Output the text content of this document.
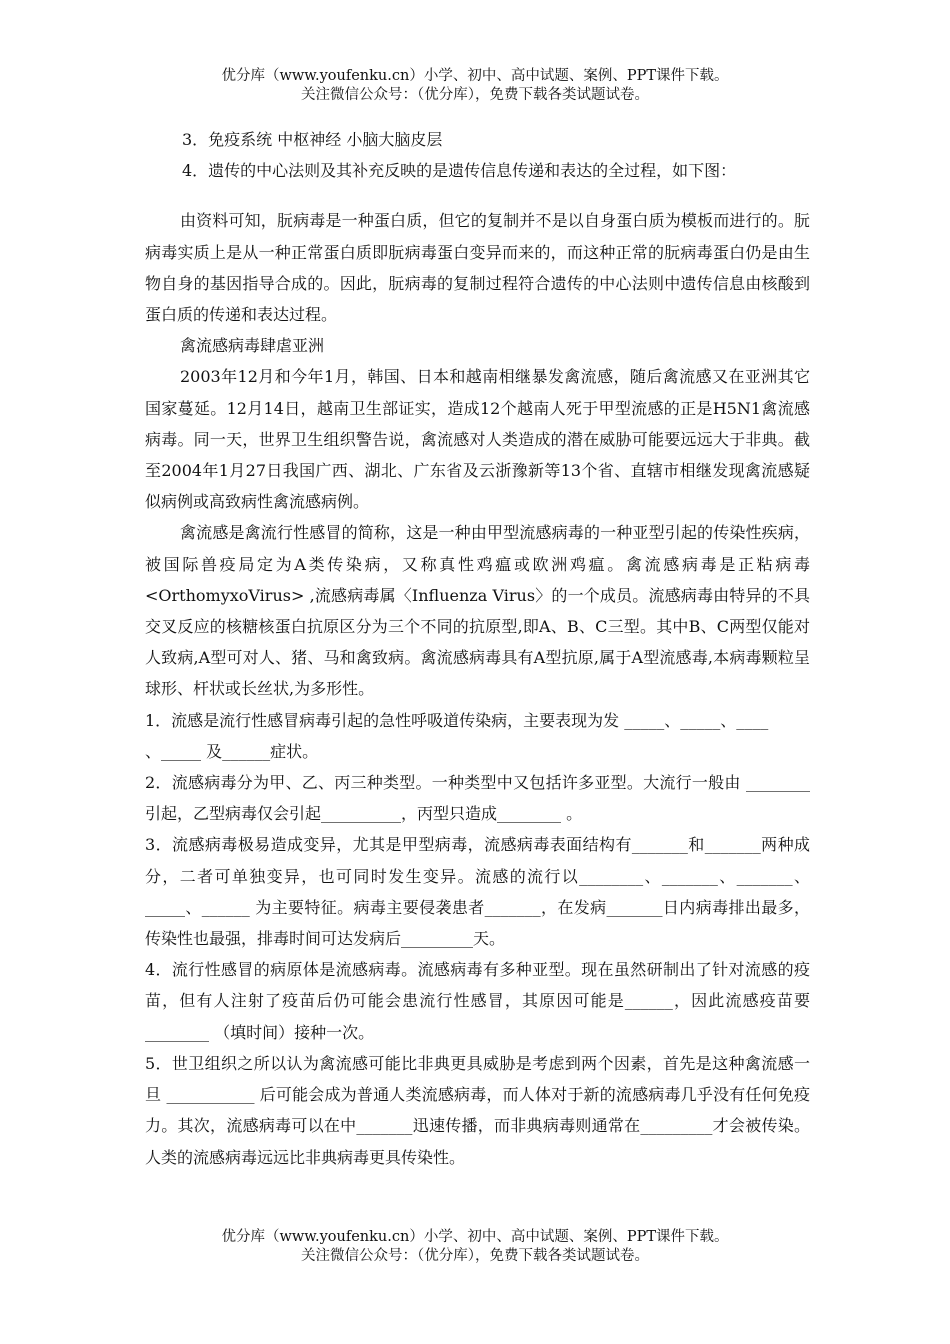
优分库（www.youfenku.cn）小学、初中、高中试题、案例、PPT课件下载。
关注微信公众号：（优分库），免费下载各类试题试卷。

3．免疫系统 中枢神经 小脑大脑皮层

4．遗传的中心法则及其补充反映的是遗传信息传递和表达的全过程，如下图：

由资料可知，朊病毒是一种蛋白质，但它的复制并不是以自身蛋白质为模板而进行的。朊病毒实质上是从一种正常蛋白质即朊病毒蛋白变异而来的，而这种正常的朊病毒蛋白仍是由生物自身的基因指导合成的。因此，朊病毒的复制过程符合遗传的中心法则中遗传信息由核酸到蛋白质的传递和表达过程。

禽流感病毒肆虐亚洲

2003年12月和今年1月，韩国、日本和越南相继暴发禽流感，随后禽流感又在亚洲其它国家蔓延。12月14日，越南卫生部证实，造成12个越南人死于甲型流感的正是H5N1禽流感病毒。同一天，世界卫生组织警告说，禽流感对人类造成的潜在威胁可能要远远大于非典。截至2004年1月27日我国广西、湖北、广东省及云浙豫新等13个省、直辖市相继发现禽流感疑似病例或高致病性禽流感病例。

禽流感是禽流行性感冒的简称，这是一种由甲型流感病毒的一种亚型引起的传染性疾病，被国际兽疫局定为A类传染病，又称真性鸡瘟或欧洲鸡瘟。禽流感病毒是正粘病毒<OrthomyxoVirus> ,流感病毒属〈Influenza Virus〉的一个成员。流感病毒由特异的不具交叉反应的核糖核蛋白抗原区分为三个不同的抗原型,即A、B、C三型。其中B、C两型仅能对人致病,A型可对人、猪、马和禽致病。禽流感病毒具有A型抗原,属于A型流感毒,本病毒颗粒呈球形、杆状或长丝状,为多形性。

1．流感是流行性感冒病毒引起的急性呼吸道传染病，主要表现为发 _____、_____、____

、_____ 及______症状。

2．流感病毒分为甲、乙、丙三种类型。一种类型中又包括许多亚型。大流行一般由 ________引起，乙型病毒仅会引起__________，丙型只造成________ 。

3．流感病毒极易造成变异，尤其是甲型病毒，流感病毒表面结构有_______和_______两种成分，二者可单独变异，也可同时发生变异。流感的流行以________、_______、_______、_____、______ 为主要特征。病毒主要侵袭患者_______，在发病_______日内病毒排出最多，传染性也最强，排毒时间可达发病后_________天。

4．流行性感冒的病原体是流感病毒。流感病毒有多种亚型。现在虽然研制出了针对流感的疫苗，但有人注射了疫苗后仍可能会患流行性感冒，其原因可能是______，因此流感疫苗要________ （填时间）接种一次。

5．世卫组织之所以认为禽流感可能比非典更具威胁是考虑到两个因素，首先是这种禽流感一旦 ___________ 后可能会成为普通人类流感病毒，而人体对于新的流感病毒几乎没有任何免疫力。其次，流感病毒可以在中_______迅速传播，而非典病毒则通常在_________才会被传染。人类的流感病毒远远比非典病毒更具传染性。

优分库（www.youfenku.cn）小学、初中、高中试题、案例、PPT课件下载。
关注微信公众号：（优分库），免费下载各类试题试卷。
